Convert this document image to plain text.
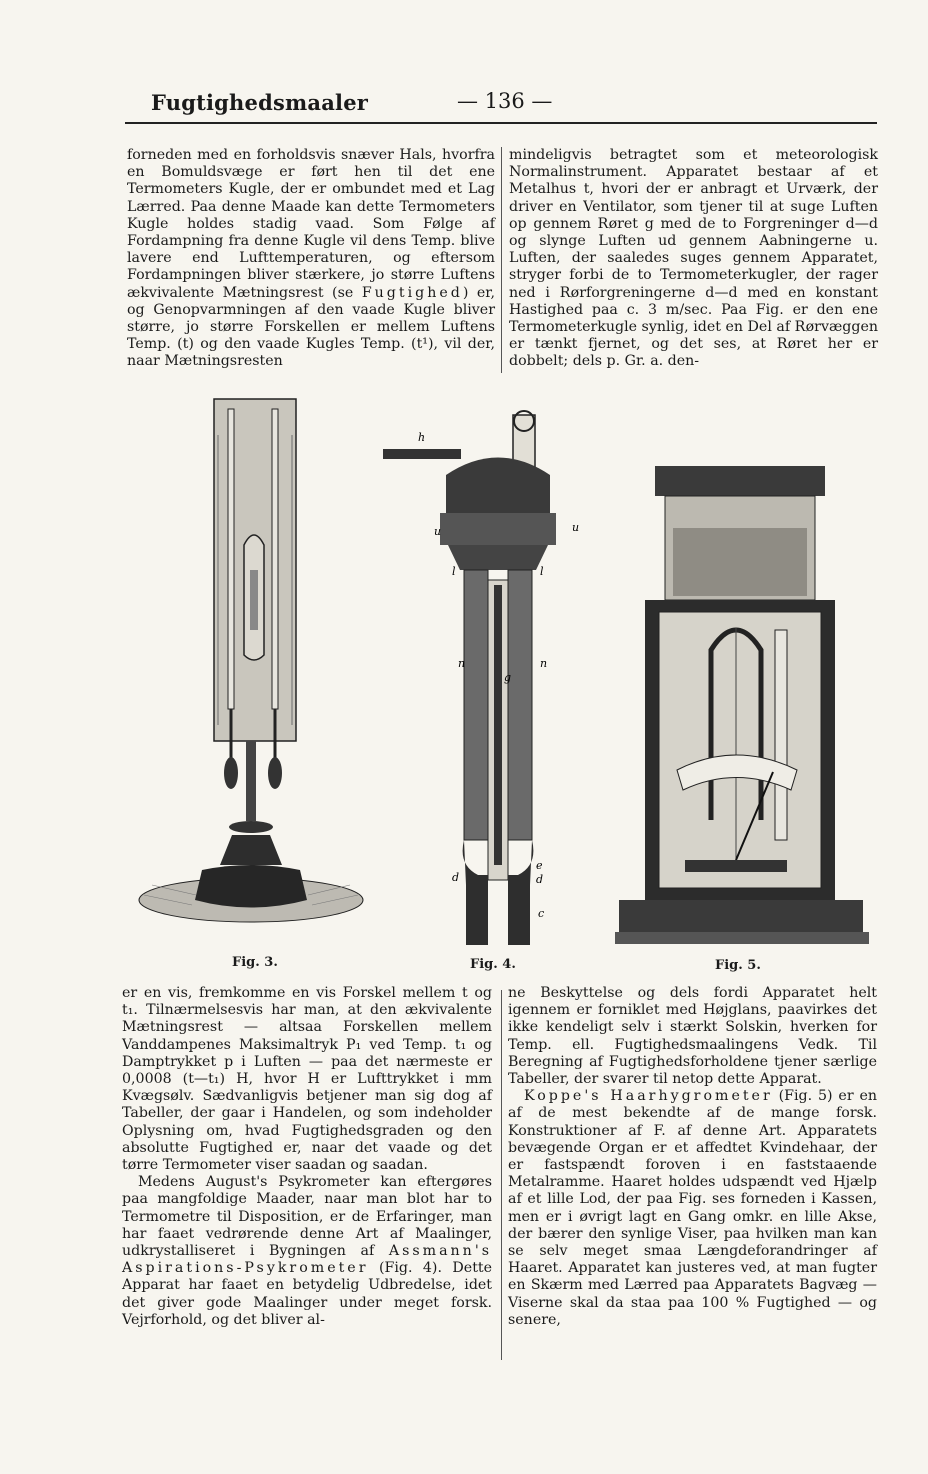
Fugtighedsmaaler	— 136 —

forneden med en forholdsvis snæver Hals, hvorfra en Bomuldsvæge er ført hen til det ene Termometers Kugle, der er ombundet med et Lag Lærred. Paa denne Maade kan dette Termometers Kugle holdes stadig vaad. Som Følge af Fordampning fra denne Kugle vil dens Temp. blive lavere end Lufttemperaturen, og eftersom Fordampningen bliver stærkere, jo større Luftens ækvivalente Mætningsrest (se Fugtighed) er, og Genopvarmningen af den vaade Kugle bliver større, jo større Forskellen er mellem Luftens Temp. (t) og den vaade Kugles Temp. (t¹), vil der, naar Mætningsresten

mindeligvis betragtet som et meteorologisk Normalinstrument. Apparatet bestaar af et Metalhus t, hvori der er anbragt et Urværk, der driver en Ventilator, som tjener til at suge Luften op gennem Røret g med de to Forgreninger d—d og slynge Luften ud gennem Aabningerne u. Luften, der saaledes suges gennem Apparatet, stryger forbi de to Termometerkugler, der rager ned i Rørforgreningerne d—d med en konstant Hastighed paa c. 3 m/sec. Paa Fig. er den ene Termometerkugle synlig, idet en Del af Rørvæggen er tænkt fjernet, og det ses, at Røret her er dobbelt; dels p. Gr. a. den-

Fig. 3.
h
u	u
l	l
n	n
g
d
e
d
c
Fig. 4.	Fig. 5.

er en vis, fremkomme en vis Forskel mellem t og t₁. Tilnærmelsesvis har man, at den ækvivalente Mætningsrest — altsaa Forskellen mellem Vanddampenes Maksimaltryk P₁ ved Temp. t₁ og Damptrykket p i Luften — paa det nærmeste er 0,0008 (t—t₁) H, hvor H er Lufttrykket i mm Kvægsølv. Sædvanligvis betjener man sig dog af Tabeller, der gaar i Handelen, og som indeholder Oplysning om, hvad Fugtighedsgraden og den absolutte Fugtighed er, naar det vaade og det tørre Termometer viser saadan og saadan.

Medens August's Psykrometer kan eftergøres paa mangfoldige Maader, naar man blot har to Termometre til Disposition, er de Erfaringer, man har faaet vedrørende denne Art af Maalinger, udkrystalliseret i Bygningen af Assmann's Aspirations-Psykrometer (Fig. 4). Dette Apparat har faaet en betydelig Udbredelse, idet det giver gode Maalinger under meget forsk. Vejrforhold, og det bliver al-

ne Beskyttelse og dels fordi Apparatet helt igennem er forniklet med Højglans, paavirkes det ikke kendeligt selv i stærkt Solskin, hverken for Temp. ell. Fugtighedsmaalingens Vedk. Til Beregning af Fugtighedsforholdene tjener særlige Tabeller, der svarer til netop dette Apparat.

Koppe's Haarhygrometer (Fig. 5) er en af de mest bekendte af de mange forsk. Konstruktioner af F. af denne Art. Apparatets bevægende Organ er et affedtet Kvindehaar, der er fastspændt foroven i en faststaaende Metalramme. Haaret holdes udspændt ved Hjælp af et lille Lod, der paa Fig. ses forneden i Kassen, men er i øvrigt lagt en Gang omkr. en lille Akse, der bærer den synlige Viser, paa hvilken man kan se selv meget smaa Længdeforandringer af Haaret. Apparatet kan justeres ved, at man fugter en Skærm med Lærred paa Apparatets Bagvæg — Viserne skal da staa paa 100 % Fugtighed — og senere,
